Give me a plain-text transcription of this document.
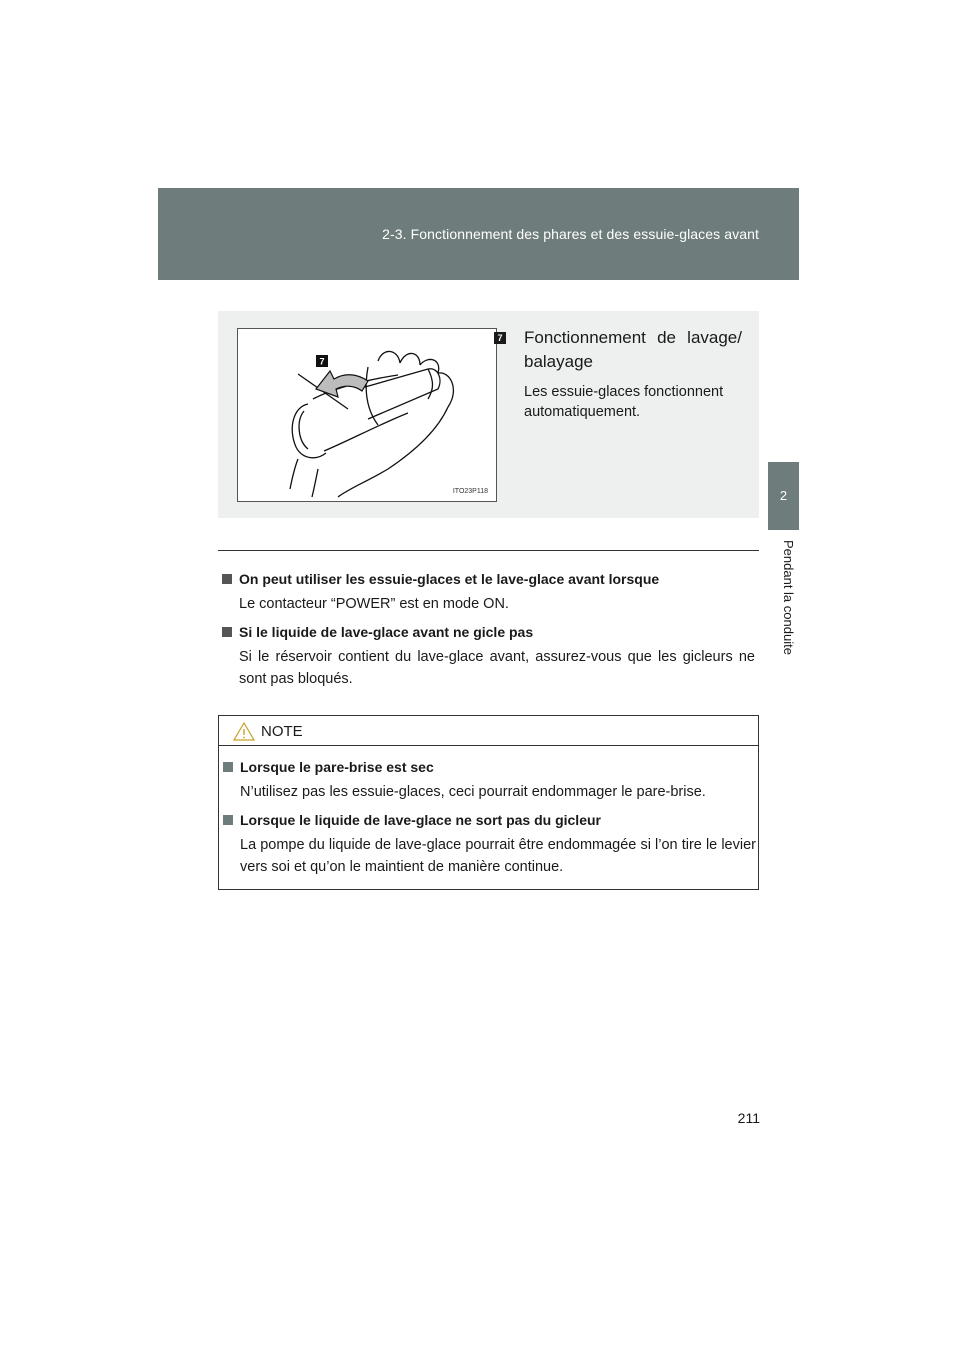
2-3. Fonctionnement des phares et des essuie-glaces avant
2
Pendant la conduite
7
ITO23P118
7 Fonctionnement de lavage/ balayage
Les essuie-glaces fonctionnent automatiquement.
On peut utiliser les essuie-glaces et le lave-glace avant lorsque
Le contacteur “POWER” est en mode ON.
Si le liquide de lave-glace avant ne gicle pas
Si le réservoir contient du lave-glace avant, assurez-vous que les gicleurs ne sont pas bloqués.
NOTE
Lorsque le pare-brise est sec
N’utilisez pas les essuie-glaces, ceci pourrait endommager le pare-brise.
Lorsque le liquide de lave-glace ne sort pas du gicleur
La pompe du liquide de lave-glace pourrait être endommagée si l’on tire le levier vers soi et qu’on le maintient de manière continue.
211
